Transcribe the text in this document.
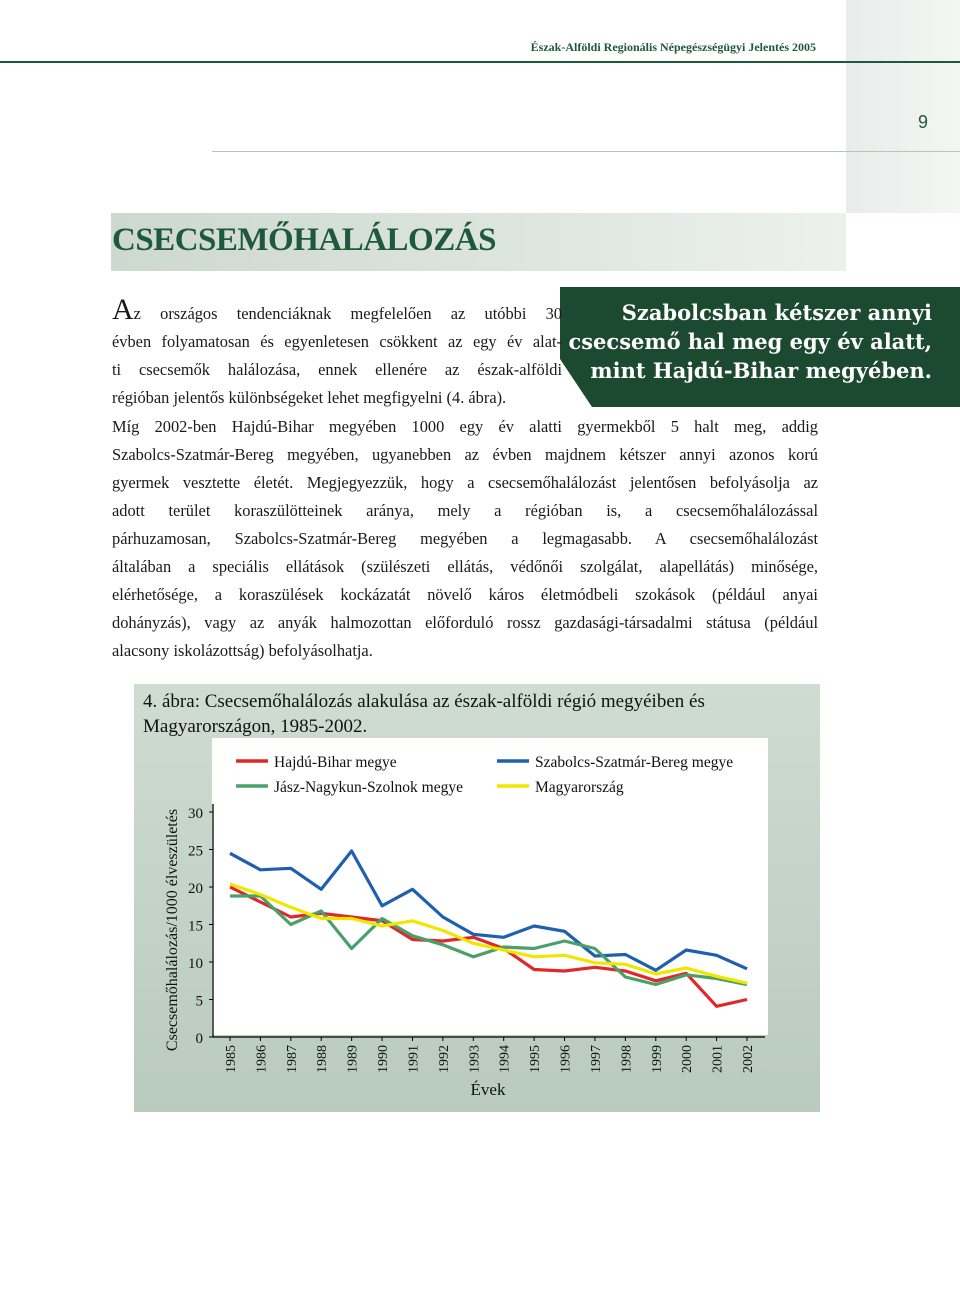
Észak-Alföldi Regionális Népegészségügyi Jelentés 2005
9
CSECSEMŐHALÁLOZÁS
Szabolcsban kétszer annyi
csecsemő hal meg egy év alatt,
mint Hajdú-Bihar megyében.
Az országos tendenciáknak megfelelően az utóbbi 30
évben folyamatosan és egyenletesen csökkent az egy év alat-
ti csecsemők halálozása, ennek ellenére az észak-alföldi
régióban jelentős különbségeket lehet megfigyelni (4. ábra).
Míg 2002-ben Hajdú-Bihar megyében 1000 egy év alatti gyermekből 5 halt meg, addig
Szabolcs-Szatmár-Bereg megyében, ugyanebben az évben majdnem kétszer annyi azonos korú
gyermek vesztette életét. Megjegyezzük, hogy a csecsemőhalálozást jelentősen befolyásolja az
adott terület koraszülötteinek aránya, mely a régióban is, a csecsemőhalálozással
párhuzamosan, Szabolcs-Szatmár-Bereg megyében a legmagasabb. A csecsemőhalálozást
általában a speciális ellátások (szülészeti ellátás, védőnői szolgálat, alapellátás) minősége,
elérhetősége, a koraszülések kockázatát növelő káros életmódbeli szokások (például anyai
dohányzás), vagy az anyák halmozottan előforduló rossz gazdasági-társadalmi státusa (például
alacsony iskolázottság) befolyásolhatja.
4. ábra: Csecsemőhalálozás alakulása az észak-alföldi régió megyéiben és
Magyarországon, 1985-2002.
Hajdú-Bihar megye	Szabolcs-Szatmár-Bereg megye
Jász-Nagykun-Szolnok megye	Magyarország
0
5
10
15
20
25
30
1985 1986 1987 1988 1989 1990 1991 1992 1993 1994 1995 1996 1997 1998 1999 2000 2001 2002
Csecsemőhalálozás/1000 élveszületés
Évek
